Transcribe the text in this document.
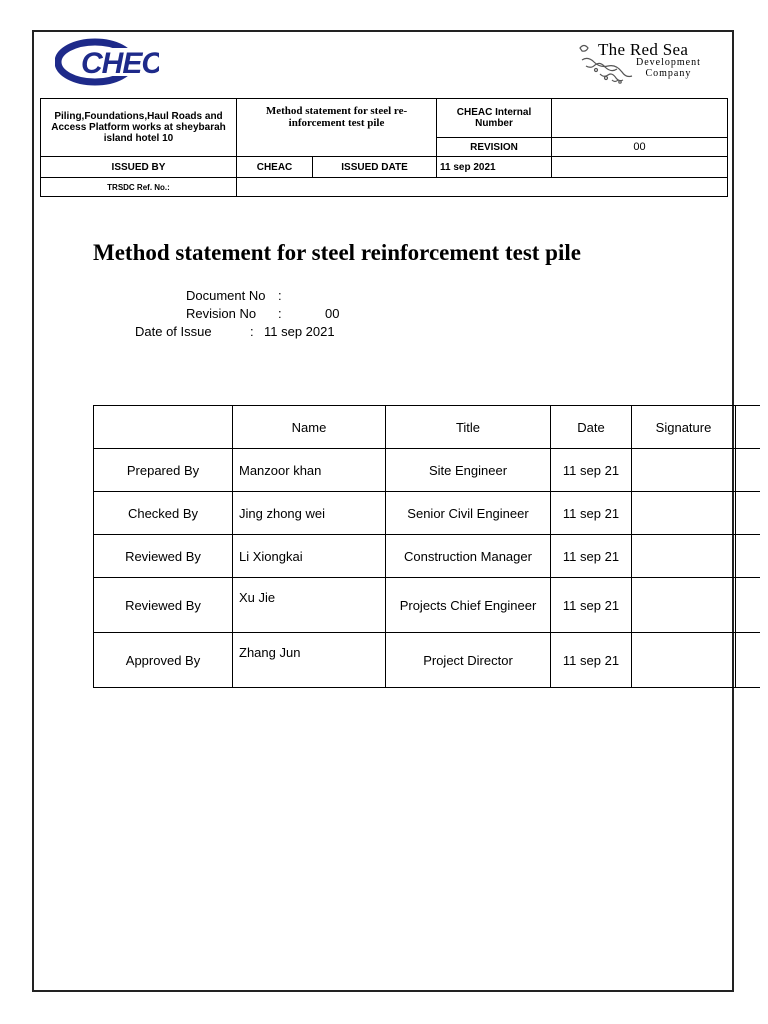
CHEC	The Red Sea
Development
Company
Piling,Foundations,Haul Roads and Access Platform works at sheybarah island hotel 10	Method statement for steel re-inforcement test pile		CHEAC Internal Number	
			REVISION	00
ISSUED BY	CHEAC	ISSUED DATE	11 sep 2021	
TRSDC Ref. No.:				
Method statement for steel reinforcement test pile
Document No :
Revision No :	00
Date of Issue	: 11 sep 2021
	Name	Title	Date	Signature	
Prepared By	Manzoor khan	Site Engineer	11 sep 21		
Checked By	Jing zhong wei	Senior Civil Engineer	11 sep 21		
Reviewed By	Li Xiongkai	Construction Manager	11 sep 21		
Reviewed By	Xu Jie	Projects Chief Engineer	11 sep 21		
Approved By	Zhang Jun	Project Director	11 sep 21		
